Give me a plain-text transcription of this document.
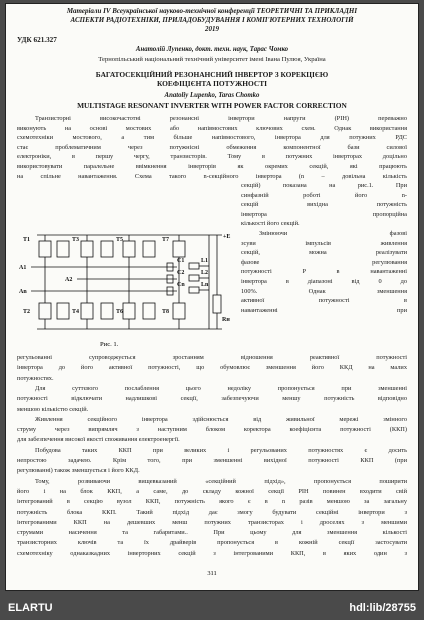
Матеріали IV Всеукраїнської науково-технічної конференції ТЕОРЕТИЧНІ ТА ПРИКЛАДНІ
АСПЕКТИ РАДІОТЕХНІКИ, ПРИЛАДОБУДУВАННЯ І КОМП'ЮТЕРНИХ ТЕХНОЛОГІЙ
2019
УДК 621.327
Анатолій Лупенко, докт. техн. наук, Тарас Чомко
Тернопільський національний технічний університет імені Івана Пулюя, Україна
БАГАТОСЕКЦІЙНИЙ РЕЗОНАНСНИЙ ІНВЕРТОР З КОРЕКЦІЄЮ
КОЕФІЦІЄНТА ПОТУЖНОСТІ
Anatoliy Lupenko, Taras Chomko
MULTISTAGE RESONANT INVERTER WITH POWER FACTOR CORRECTION
Транзисторні високочастотні резонансні інвертори напруги (РІН) переважно
виконують на основі мостових або напівмостових ключових схем. Однак використання
схемотехніки мостового, а тим більше напівмостового, інвертора для потужних РДС
стає проблематичним через потужнісні обмеження компонентної бази силової
електроніки, в першу чергу, транзисторів. Тому в потужних інверторах доцільно
використовувати паралельне ввімкнення інверторів як окремих секцій, які працюють
на спільне навантаження. Схема такого n-секційного інвертора (n – довільна кількість
секцій) показана на рис.1. При
синфазній роботі його n-
секцій вихідна потужність
інвертора пропорційна
кількості його секцій.
Змінюючи фазові
зсуви імпульсів живлення
секцій, можна реалізувати
фазове регулювання
потужності P в навантаженні
інвертора в діапазоні від 0 до
100%. Однак зменшення
активної потужності в
навантаженні при
T1	T3	T5	T7
T2	T4	T6	T8
A1
A2
An
+E
C1	L1
C2	L2
Cn	Ln
Rн
Рис. 1.
регульованні супроводжується зростанням відношення реактивної потужності
інвертора до його активної потужності, що обумовлює зменшення його ККД на малих
потужностях.
Для суттєвого послаблення цього недоліку пропонується при зменшенні
потужності відключати надлишкові секції, забезпечуючи меншу потужність відповідно
меншою кількістю секцій.
Живлення секційного інвертора здійснюється від живильної мережі змінного
струму через випрямляч з наступним блоком коректора коефіцієнта потужності (ККП)
для забезпечення високої якості споживання електроенергії.
Побудова таких ККП при великих і регульованих потужностях є досить
непростою задачею. Крім того, при зменшенні вихідної потужності ККП (при
регулюванні) також зменшується і його ККД.
Тому, розвиваючи вищевказаний «секційний підхід», пропонується поширити
його і на блок ККП, а саме, до складу кожної секції РІН повинен входити свій
інтегрований в секцію вузол ККП, потужність якого є в n разів меншою за загальну
потужність блока ККП. Такий підхід дає змогу будувати секційні інвертори з
інтегрованими ККП на дешевших менш потужних транзисторах і дроселях з меншими
струмами насичення та габаритами.. При цьому для зменшення кількості
транзисторних ключів та їх драйверів пропонується в кожній секції застосувати
схемотехніку однаказкадних інверторних секцій з інтегрованими ККП, в яких один з
311
ELARTU	hdl:lib/28755
